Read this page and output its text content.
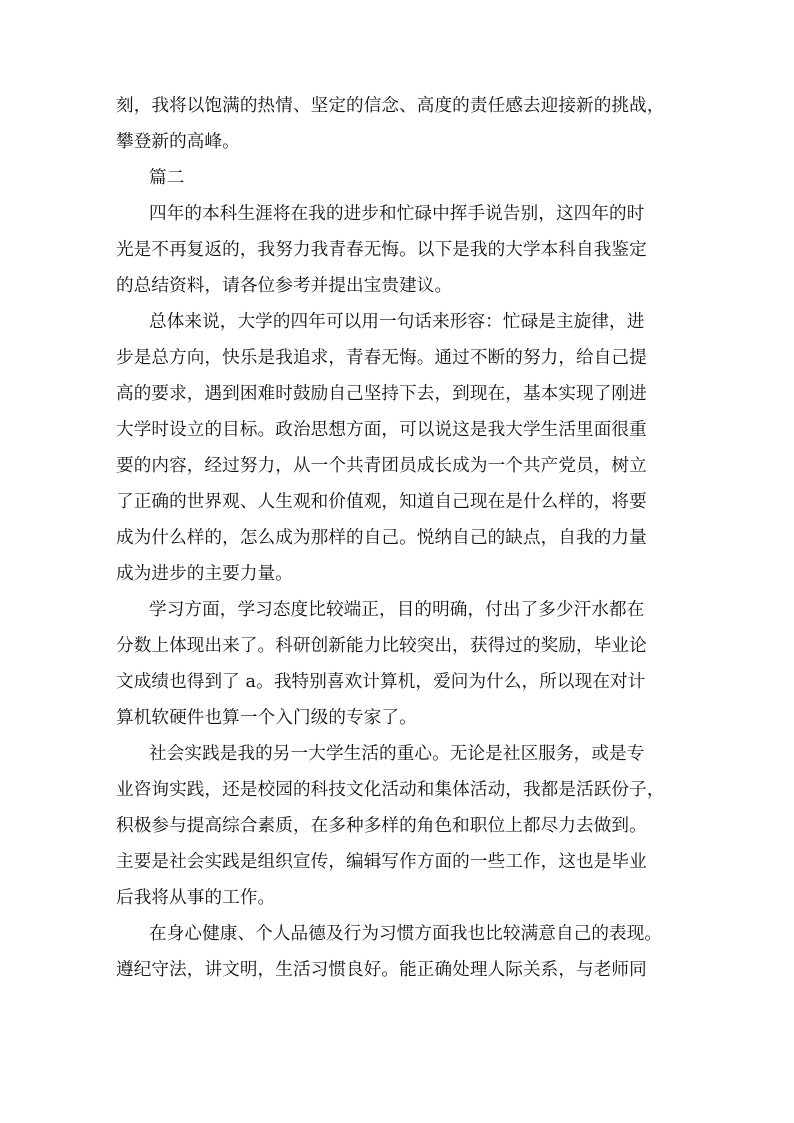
刻，我将以饱满的热情、坚定的信念、高度的责任感去迎接新的挑战，
攀登新的高峰。
篇二
四年的本科生涯将在我的进步和忙碌中挥手说告别，这四年的时
光是不再复返的，我努力我青春无悔。以下是我的大学本科自我鉴定
的总结资料，请各位参考并提出宝贵建议。
总体来说，大学的四年可以用一句话来形容：忙碌是主旋律，进
步是总方向，快乐是我追求，青春无悔。通过不断的努力，给自己提
高的要求，遇到困难时鼓励自己坚持下去，到现在，基本实现了刚进
大学时设立的目标。政治思想方面，可以说这是我大学生活里面很重
要的内容，经过努力，从一个共青团员成长成为一个共产党员，树立
了正确的世界观、人生观和价值观，知道自己现在是什么样的，将要
成为什么样的，怎么成为那样的自己。悦纳自己的缺点，自我的力量
成为进步的主要力量。
学习方面，学习态度比较端正，目的明确，付出了多少汗水都在
分数上体现出来了。科研创新能力比较突出，获得过的奖励，毕业论
文成绩也得到了 a。我特别喜欢计算机，爱问为什么，所以现在对计
算机软硬件也算一个入门级的专家了。
社会实践是我的另一大学生活的重心。无论是社区服务，或是专
业咨询实践，还是校园的科技文化活动和集体活动，我都是活跃份子，
积极参与提高综合素质，在多种多样的角色和职位上都尽力去做到。
主要是社会实践是组织宣传，编辑写作方面的一些工作，这也是毕业
后我将从事的工作。
在身心健康、个人品德及行为习惯方面我也比较满意自己的表现。
遵纪守法，讲文明，生活习惯良好。能正确处理人际关系，与老师同
